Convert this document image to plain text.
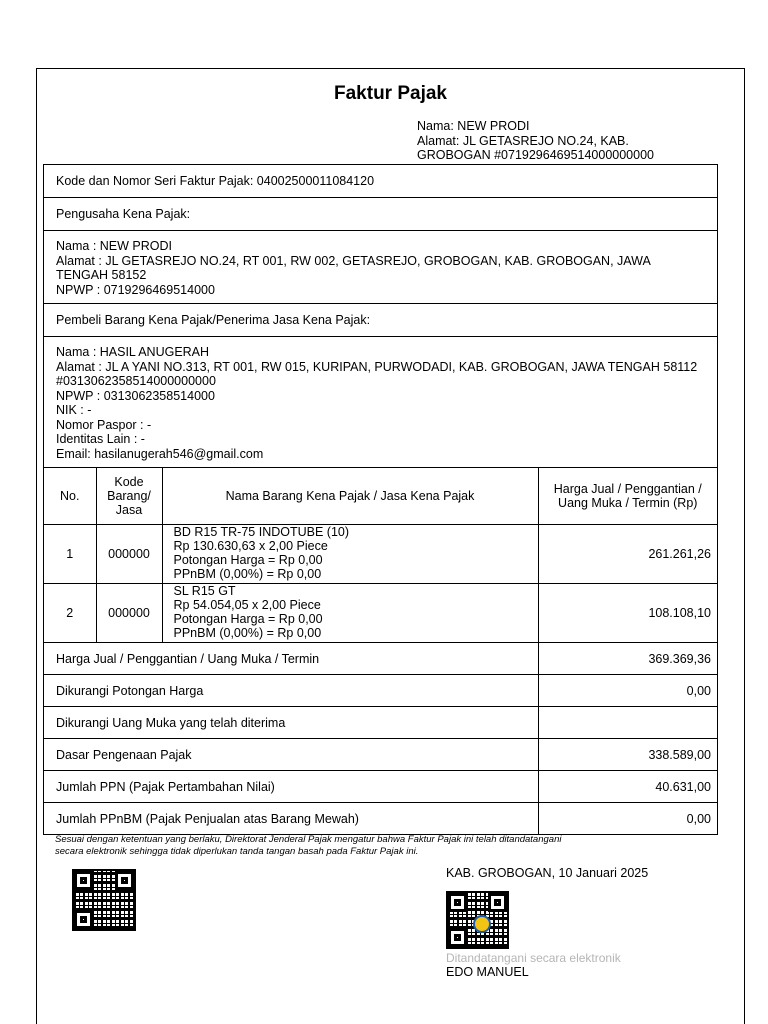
Faktur Pajak
Nama: NEW PRODI
Alamat: JL GETASREJO NO.24, KAB.
GROBOGAN #0719296469514000000000
Kode dan Nomor Seri Faktur Pajak: 04002500011084120
Pengusaha Kena Pajak:
Nama : NEW PRODI
Alamat : JL GETASREJO NO.24, RT 001, RW 002, GETASREJO, GROBOGAN, KAB. GROBOGAN, JAWA TENGAH 58152
NPWP : 0719296469514000
Pembeli Barang Kena Pajak/Penerima Jasa Kena Pajak:
Nama : HASIL ANUGERAH
Alamat : JL A YANI NO.313, RT 001, RW 015, KURIPAN, PURWODADI, KAB. GROBOGAN, JAWA TENGAH 58112 #0313062358514000000000
NPWP : 0313062358514000
NIK : -
Nomor Paspor : -
Identitas Lain : -
Email: hasilanugerah546@gmail.com
No.	Kode Barang/ Jasa	Nama Barang Kena Pajak / Jasa Kena Pajak	Harga Jual / Penggantian / Uang Muka / Termin (Rp)
1	000000	BD R15 TR-75 INDOTUBE (10)
Rp 130.630,63 x 2,00 Piece
Potongan Harga = Rp 0,00
PPnBM (0,00%) = Rp 0,00	261.261,26
2	000000	SL R15 GT
Rp 54.054,05 x 2,00 Piece
Potongan Harga = Rp 0,00
PPnBM (0,00%) = Rp 0,00	108.108,10
Harga Jual / Penggantian / Uang Muka / Termin			369.369,36
Dikurangi Potongan Harga			0,00
Dikurangi Uang Muka yang telah diterima			
Dasar Pengenaan Pajak			338.589,00
Jumlah PPN (Pajak Pertambahan Nilai)			40.631,00
Jumlah PPnBM (Pajak Penjualan atas Barang Mewah)			0,00
Sesuai dengan ketentuan yang berlaku, Direktorat Jenderal Pajak mengatur bahwa Faktur Pajak ini telah ditandatangani
secara elektronik sehingga tidak diperlukan tanda tangan basah pada Faktur Pajak ini.
KAB. GROBOGAN, 10 Januari 2025
Ditandatangani secara elektronik
EDO MANUEL
